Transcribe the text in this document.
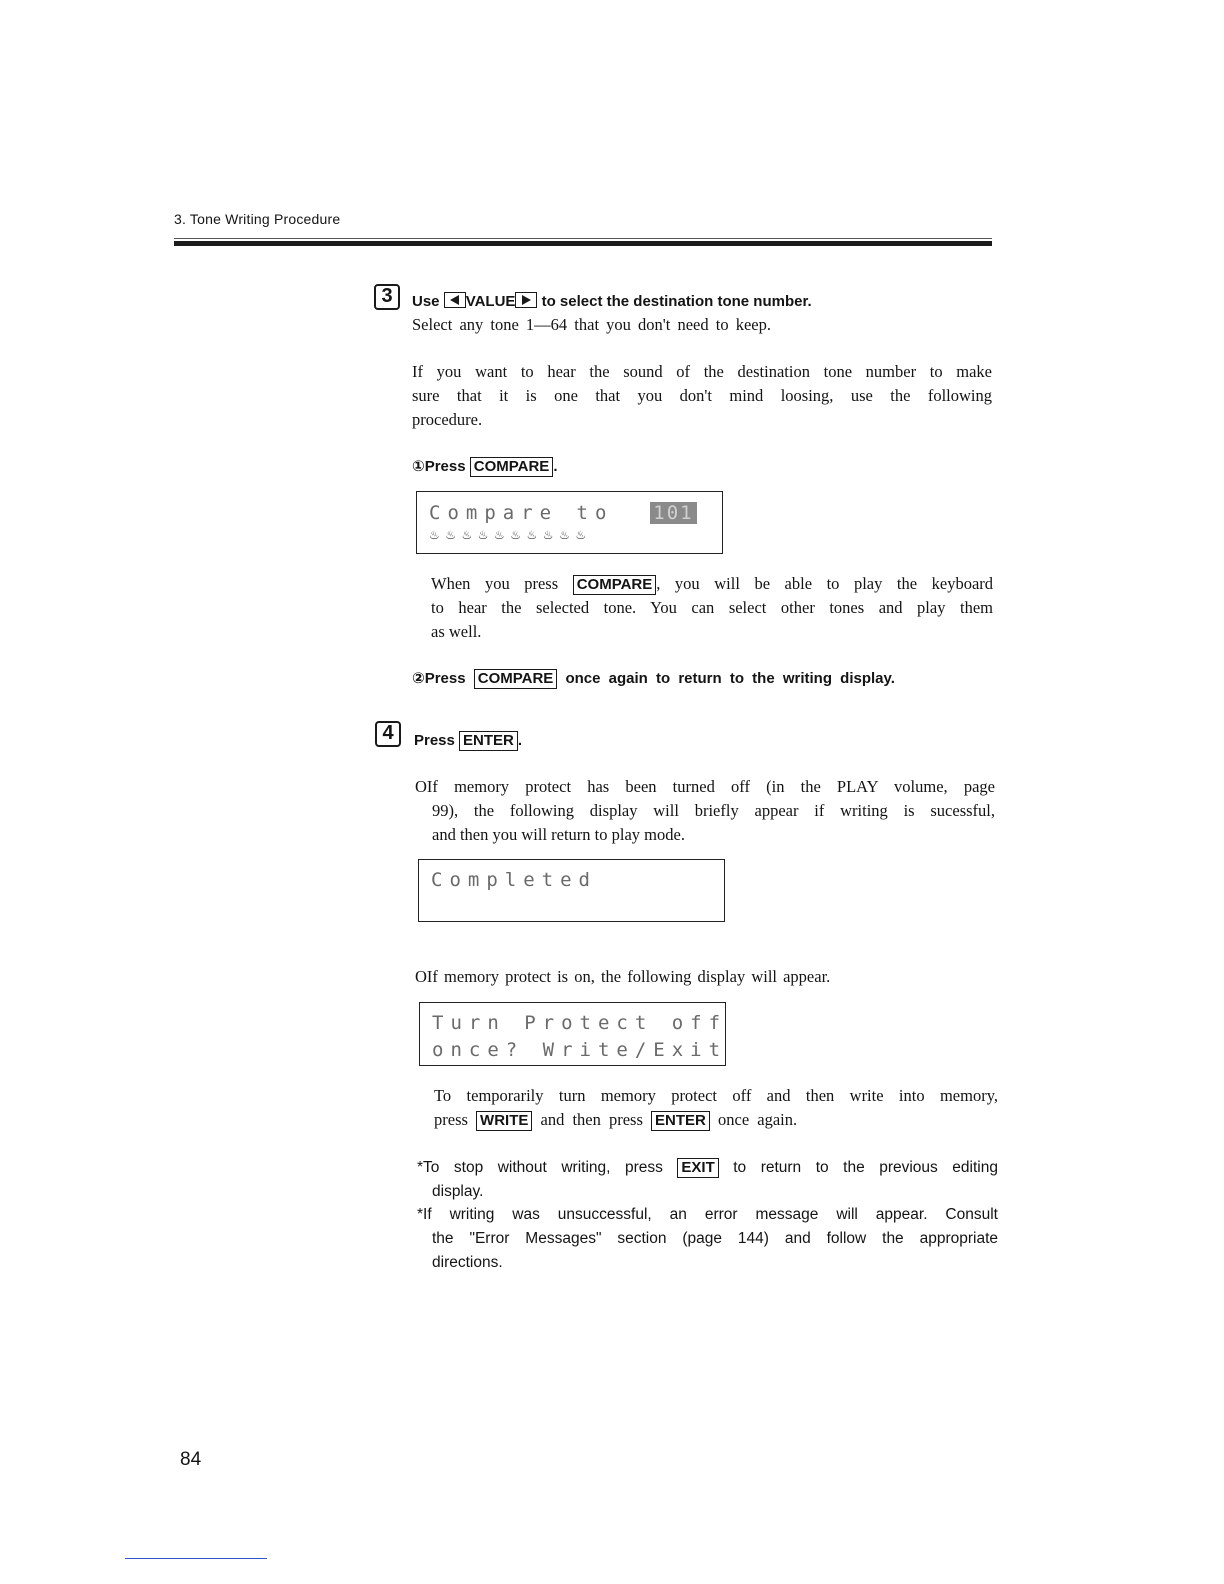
3. Tone Writing Procedure
3	Use VALUE to select the destination tone number.
Select any tone 1—64 that you don't need to keep.
If you want to hear the sound of the destination tone number to make
sure that it is one that you don't mind loosing, use the following
procedure.
①Press COMPARE .
Compare to 101
♨♨♨♨♨♨♨♨♨♨
When you press COMPARE , you will be able to play the keyboard
to hear the selected tone. You can select other tones and play them
as well.
②Press COMPARE once again to return to the writing display.
4	Press ENTER .
OIf memory protect has been turned off (in the PLAY volume, page
99), the following display will briefly appear if writing is sucessful,
and then you will return to play mode.
Completed
OIf memory protect is on, the following display will appear.
Turn Protect off
once? Write/Exit
To temporarily turn memory protect off and then write into memory,
press WRITE and then press ENTER once again.
*To stop without writing, press EXIT to return to the previous editing
display.
*If writing was unsuccessful, an error message will appear. Consult
the "Error Messages" section (page 144) and follow the appropriate
directions.
84
